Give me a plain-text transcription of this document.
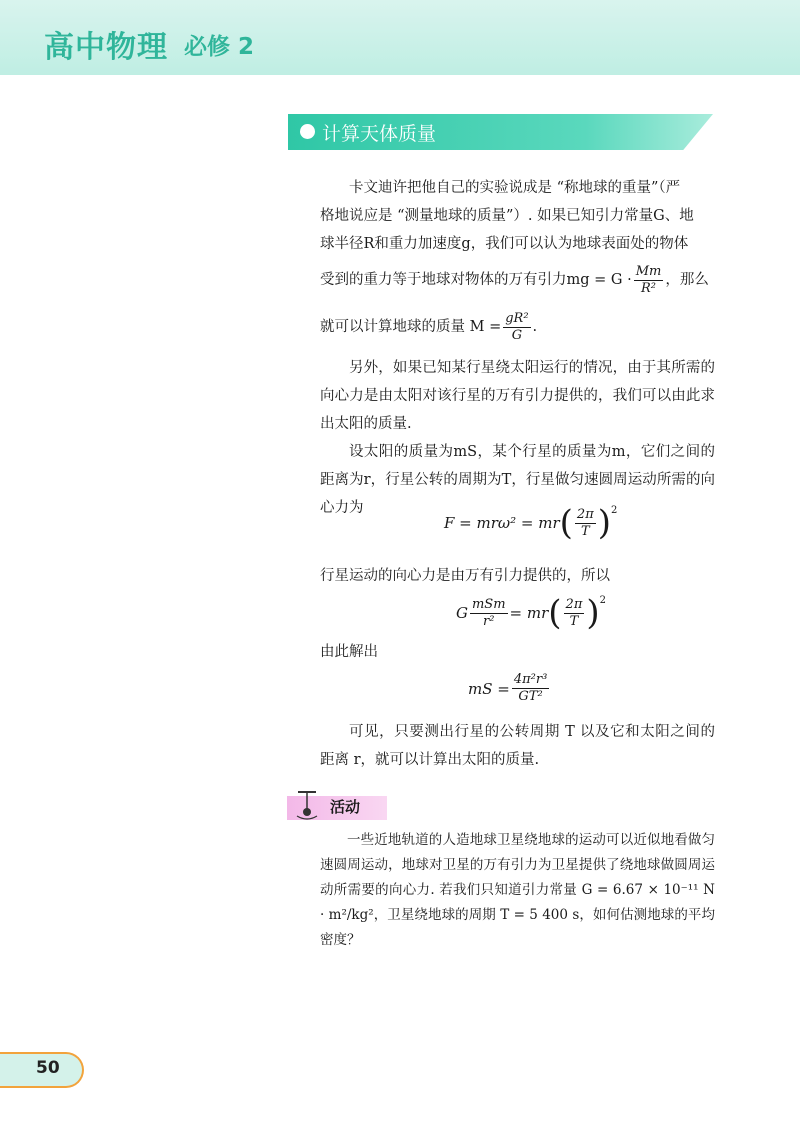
高中物理 必修 2
计算天体质量

卡文迪许把他自己的实验说成是 “称地球的重量”（严

格地说应是 “测量地球的质量”）. 如果已知引力常量G、地

球半径R和重力加速度g，我们可以认为地球表面处的物体

受到的重力等于地球对物体的万有引力mg = $G \cdot \frac{Mm}{\text{R²}}$ ，那么

就可以计算地球的质量 $M = \frac{\text{gR²}}{G}$ .

另外，如果已知某行星绕太阳运行的情况，由于其所需的向心力是由太阳对该行星的万有引力提供的，我们可以由此求出太阳的质量.

设太阳的质量为mS，某个行星的质量为m，它们之间的距离为r，行星公转的周期为T，行星做匀速圆周运动所需的向心力为

F = mrω² = mr ( $\frac{2\pi}{T}$ ) 2

行星运动的向心力是由万有引力提供的，所以

G $\frac{\text{mSm}}{\text{r²}}$ = mr ( $\frac{2\pi}{T}$ ) 2

由此解出

mS = $\frac{\text{4π²r³}}{\text{GT²}}$

可见，只要测出行星的公转周期 T 以及它和太阳之间的距离 r，就可以计算出太阳的质量.

活动

一些近地轨道的人造地球卫星绕地球的运动可以近似地看做匀速圆周运动，地球对卫星的万有引力为卫星提供了绕地球做圆周运动所需要的向心力. 若我们只知道引力常量 G = 6.67 × 10⁻¹¹ N · m²/kg²，卫星绕地球的周期 T = 5 400 s，如何估测地球的平均密度？

50
